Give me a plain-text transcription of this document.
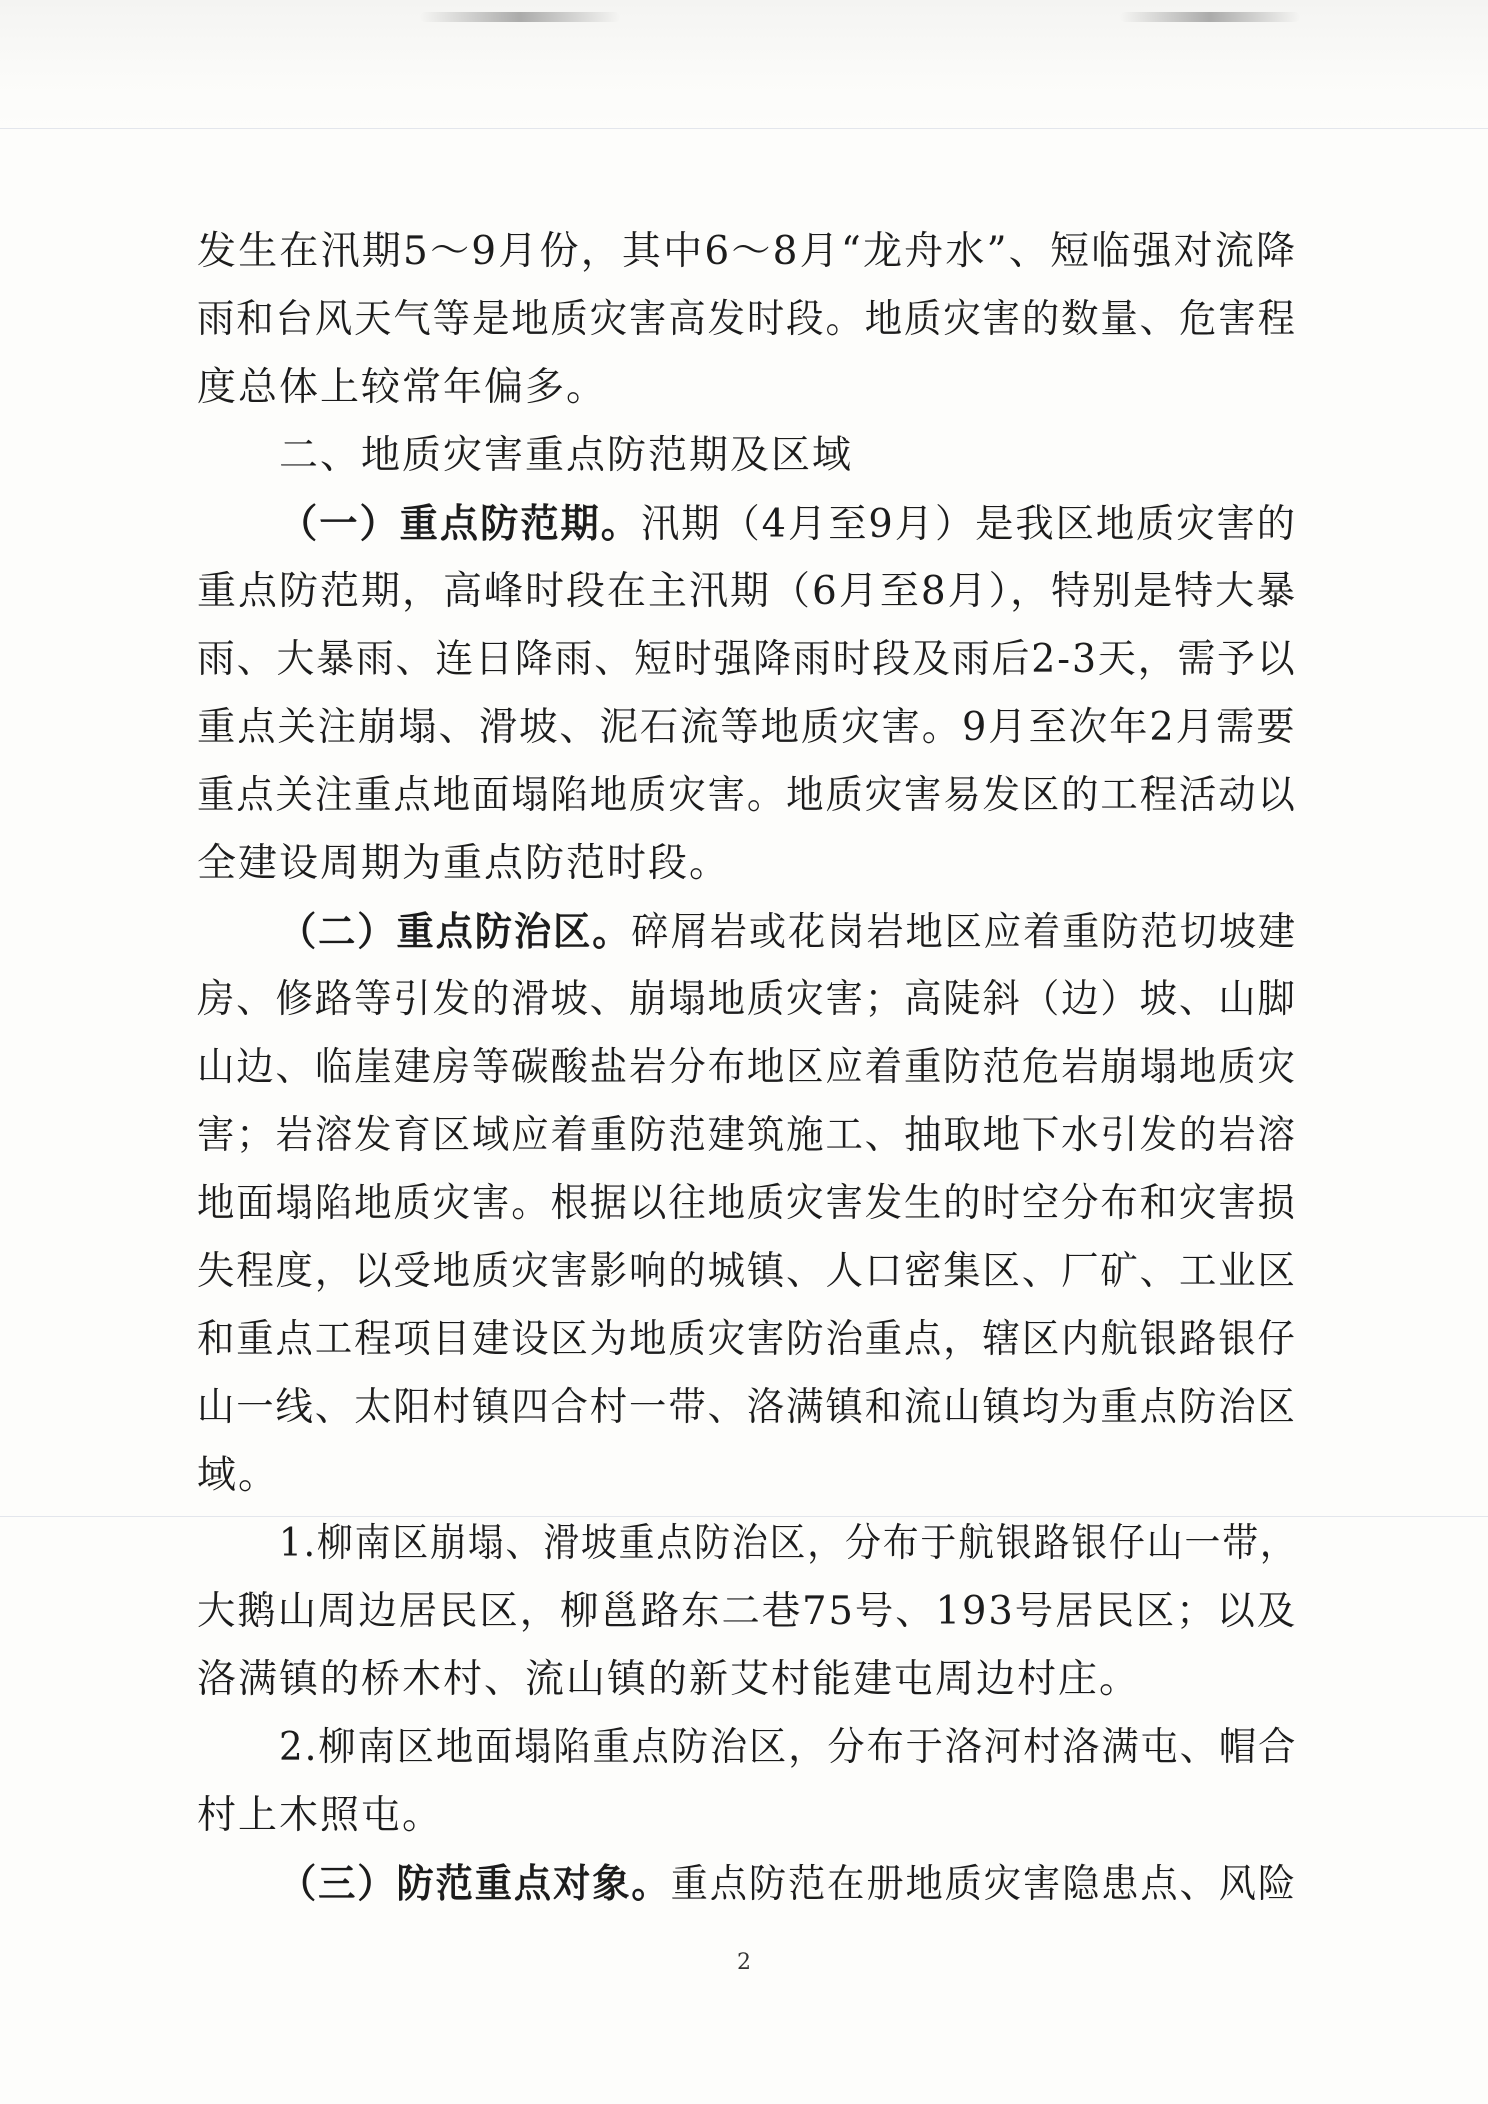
发生在汛期5～9月份，其中6～8月“龙舟水”、短临强对流降
雨和台风天气等是地质灾害高发时段。地质灾害的数量、危害程
度总体上较常年偏多。
二、地质灾害重点防范期及区域
（一）重点防范期。汛期（4月至9月）是我区地质灾害的
重点防范期，高峰时段在主汛期（6月至8月），特别是特大暴
雨、大暴雨、连日降雨、短时强降雨时段及雨后2-3天，需予以
重点关注崩塌、滑坡、泥石流等地质灾害。9月至次年2月需要
重点关注重点地面塌陷地质灾害。地质灾害易发区的工程活动以
全建设周期为重点防范时段。
（二）重点防治区。碎屑岩或花岗岩地区应着重防范切坡建
房、修路等引发的滑坡、崩塌地质灾害；高陡斜（边）坡、山脚
山边、临崖建房等碳酸盐岩分布地区应着重防范危岩崩塌地质灾
害；岩溶发育区域应着重防范建筑施工、抽取地下水引发的岩溶
地面塌陷地质灾害。根据以往地质灾害发生的时空分布和灾害损
失程度，以受地质灾害影响的城镇、人口密集区、厂矿、工业区
和重点工程项目建设区为地质灾害防治重点，辖区内航银路银仔
山一线、太阳村镇四合村一带、洛满镇和流山镇均为重点防治区
域。
1.柳南区崩塌、滑坡重点防治区，分布于航银路银仔山一带，
大鹅山周边居民区，柳邕路东二巷75号、193号居民区；以及
洛满镇的桥木村、流山镇的新艾村能建屯周边村庄。
2.柳南区地面塌陷重点防治区，分布于洛河村洛满屯、帽合
村上木照屯。
（三）防范重点对象。重点防范在册地质灾害隐患点、风险
2
